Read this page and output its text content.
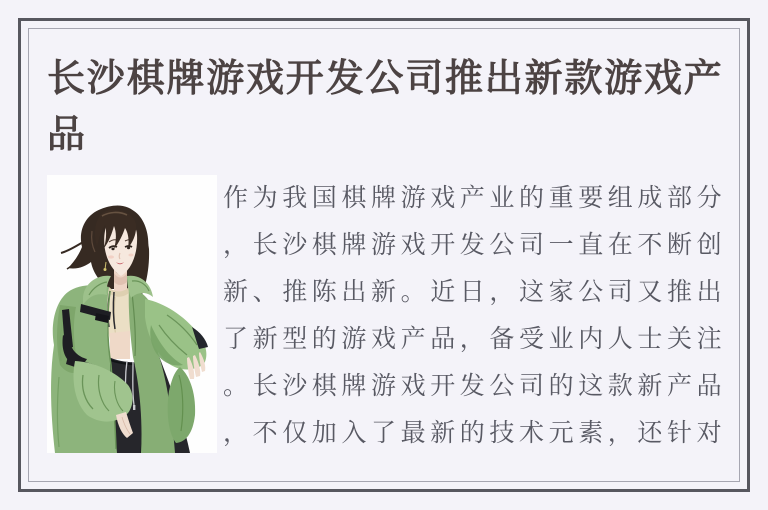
长沙棋牌游戏开发公司推出新款游戏产品

作为我国棋牌游戏产业的重要组成部分，长沙棋牌游戏开发公司一直在不断创新、推陈出新。近日，这家公司又推出了新型的游戏产品，备受业内人士关注。长沙棋牌游戏开发公司的这款新产品，不仅加入了最新的技术元素，还针对
